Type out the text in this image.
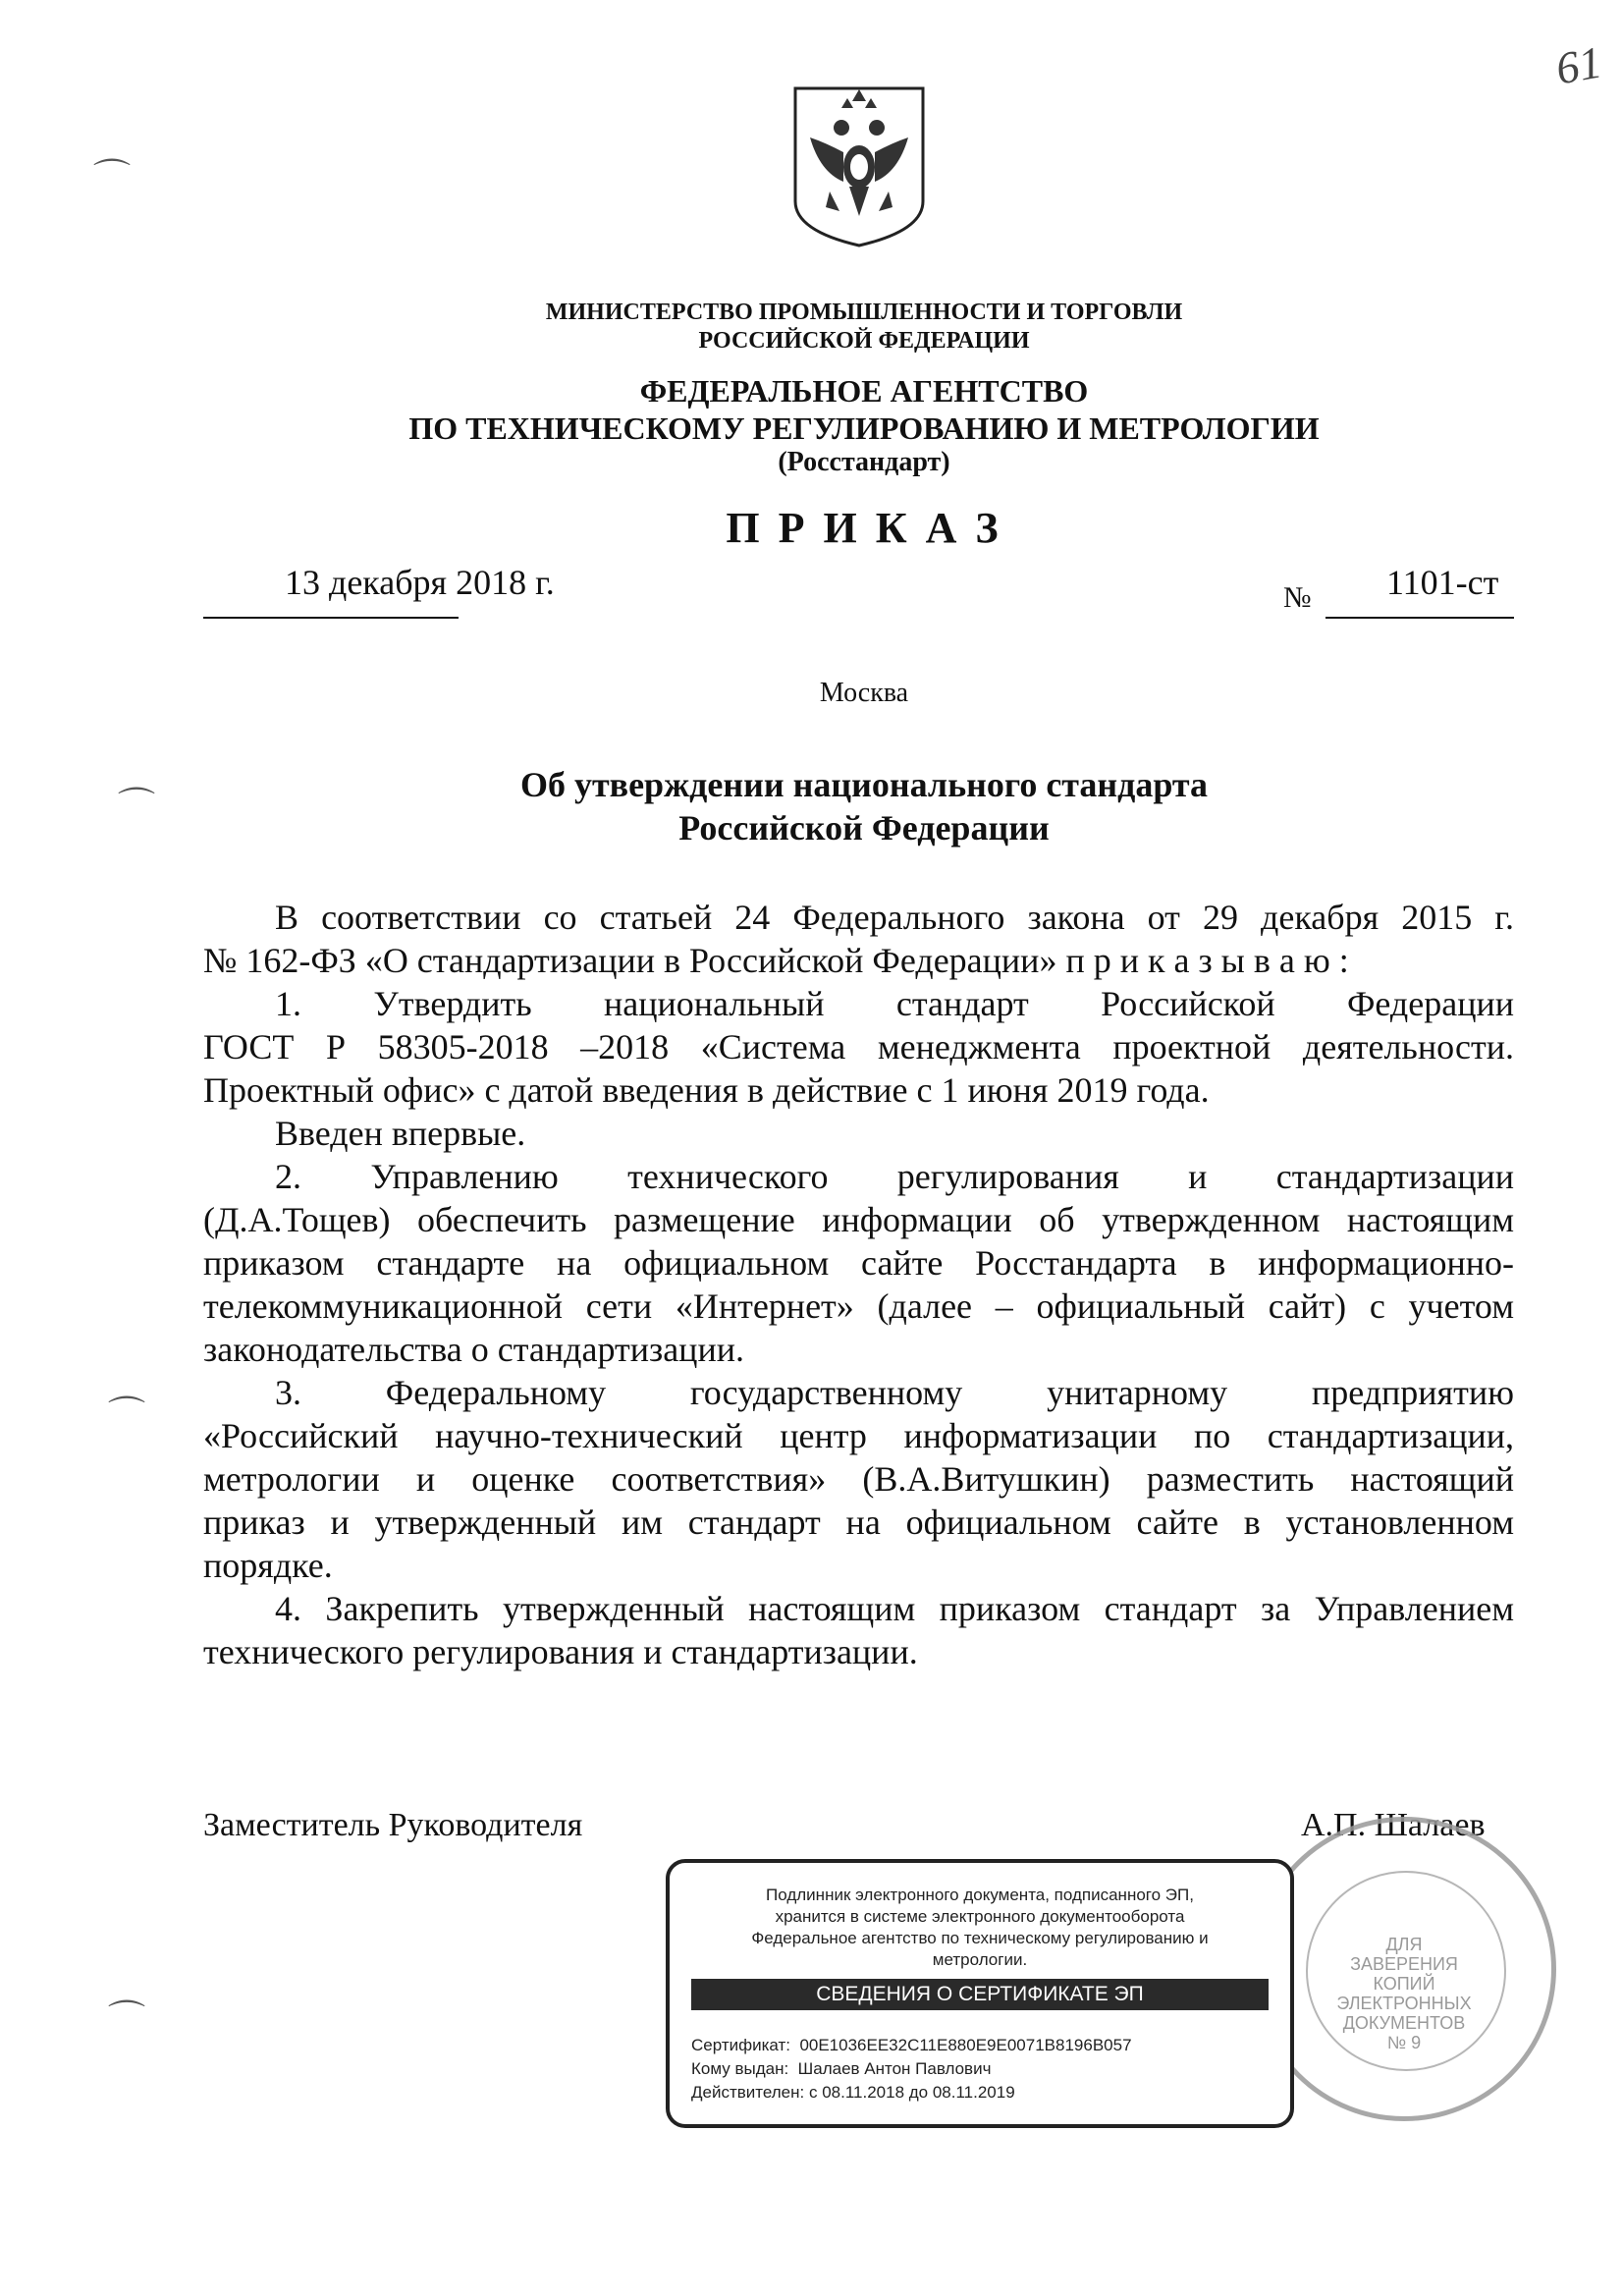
61
⌒
⌒
⌒
⌒
МИНИСТЕРСТВО ПРОМЫШЛЕННОСТИ И ТОРГОВЛИ
РОССИЙСКОЙ ФЕДЕРАЦИИ
ФЕДЕРАЛЬНОЕ АГЕНТСТВО
ПО ТЕХНИЧЕСКОМУ РЕГУЛИРОВАНИЮ И МЕТРОЛОГИИ
(Росстандарт)
П Р И К А З
13 декабря 2018 г.	№ 1101-ст
Москва
Об утверждении национального стандарта
Российской Федерации
В соответствии со статьей 24 Федерального закона от 29 декабря 2015 г.
№ 162-ФЗ «О стандартизации в Российской Федерации» п р и к а з ы в а ю :
1. Утвердить национальный стандарт Российской Федерации
ГОСТ Р 58305-2018 –2018 «Система менеджмента проектной деятельности.
Проектный офис» с датой введения в действие с 1 июня 2019 года.
Введен впервые.
2. Управлению технического регулирования и стандартизации
(Д.А.Тощев) обеспечить размещение информации об утвержденном настоящим
приказом стандарте на официальном сайте Росстандарта в информационно-
телекоммуникационной сети «Интернет» (далее – официальный сайт) с учетом
законодательства о стандартизации.
3. Федеральному государственному унитарному предприятию
«Российский научно-технический центр информатизации по стандартизации,
метрологии и оценке соответствия» (В.А.Витушкин) разместить настоящий
приказ и утвержденный им стандарт на официальном сайте в установленном
порядке.
4. Закрепить утвержденный настоящим приказом стандарт за Управлением
технического регулирования и стандартизации.
Заместитель Руководителя	А.П. Шалаев
ДЛЯ
ЗАВЕРЕНИЯ
КОПИЙ
ЭЛЕКТРОННЫХ
ДОКУМЕНТОВ
№ 9
Подлинник электронного документа, подписанного ЭП,
хранится в системе электронного документооборота
Федеральное агентство по техническому регулированию и
метрологии.
СВЕДЕНИЯ О СЕРТИФИКАТЕ ЭП
Сертификат: 00E1036EE32C11E880E9E0071B8196B057
Кому выдан: Шалаев Антон Павлович
Действителен: с 08.11.2018 до 08.11.2019
